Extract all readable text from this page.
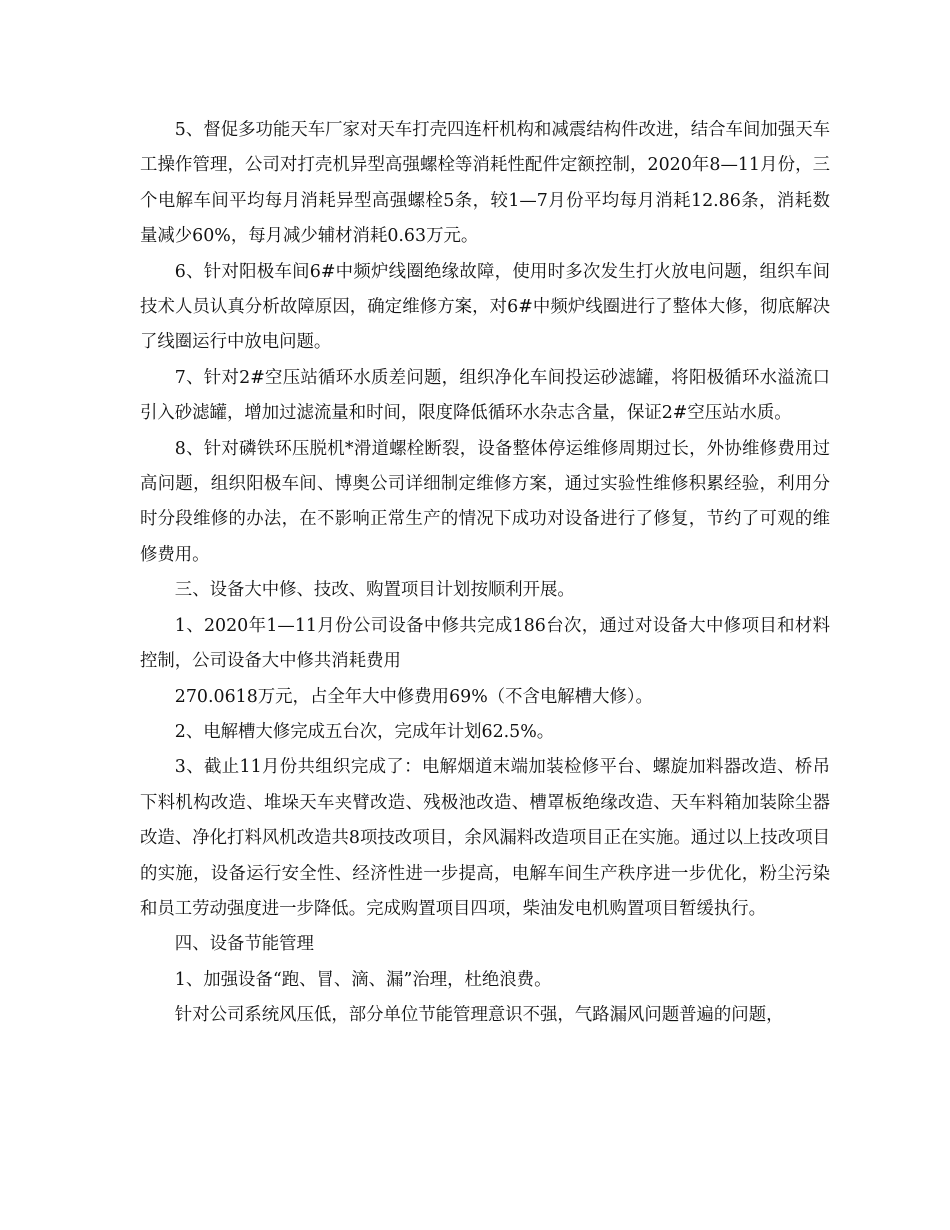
5、督促多功能天车厂家对天车打壳四连杆机构和减震结构件改进，结合车间加强天车工操作管理，公司对打壳机异型高强螺栓等消耗性配件定额控制，2020年8—11月份，三个电解车间平均每月消耗异型高强螺栓5条，较1—7月份平均每月消耗12.86条，消耗数量减少60%，每月减少辅材消耗0.63万元。

6、针对阳极车间6#中频炉线圈绝缘故障，使用时多次发生打火放电问题，组织车间技术人员认真分析故障原因，确定维修方案，对6#中频炉线圈进行了整体大修，彻底解决了线圈运行中放电问题。

7、针对2#空压站循环水质差问题，组织净化车间投运砂滤罐，将阳极循环水溢流口引入砂滤罐，增加过滤流量和时间，限度降低循环水杂志含量，保证2#空压站水质。

8、针对磷铁环压脱机*滑道螺栓断裂，设备整体停运维修周期过长，外协维修费用过高问题，组织阳极车间、博奥公司详细制定维修方案，通过实验性维修积累经验，利用分时分段维修的办法，在不影响正常生产的情况下成功对设备进行了修复，节约了可观的维修费用。

三、设备大中修、技改、购置项目计划按顺利开展。

1、2020年1—11月份公司设备中修共完成186台次，通过对设备大中修项目和材料控制，公司设备大中修共消耗费用

270.0618万元，占全年大中修费用69%（不含电解槽大修）。

2、电解槽大修完成五台次，完成年计划62.5%。

3、截止11月份共组织完成了：电解烟道末端加装检修平台、螺旋加料器改造、桥吊下料机构改造、堆垛天车夹臂改造、残极池改造、槽罩板绝缘改造、天车料箱加装除尘器改造、净化打料风机改造共8项技改项目，余风漏料改造项目正在实施。通过以上技改项目的实施，设备运行安全性、经济性进一步提高，电解车间生产秩序进一步优化，粉尘污染和员工劳动强度进一步降低。完成购置项目四项，柴油发电机购置项目暂缓执行。

四、设备节能管理

1、加强设备“跑、冒、滴、漏”治理，杜绝浪费。

针对公司系统风压低，部分单位节能管理意识不强，气路漏风问题普遍的问题，
